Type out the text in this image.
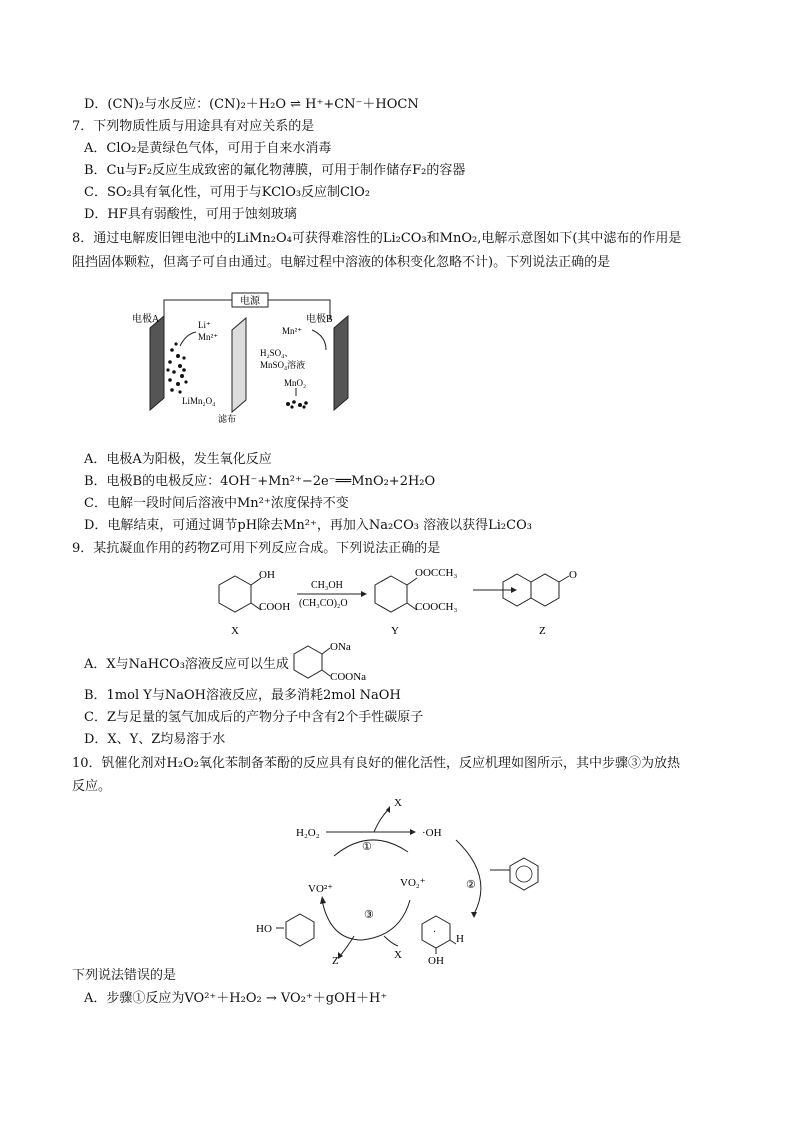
D．(CN)₂与水反应：(CN)₂＋H₂O ⇌ H⁺+CN⁻＋HOCN
7．下列物质性质与用途具有对应关系的是
A．ClO₂是黄绿色气体，可用于自来水消毒
B．Cu与F₂反应生成致密的氟化物薄膜，可用于制作储存F₂的容器
C．SO₂具有氧化性，可用于与KClO₃反应制ClO₂
D．HF具有弱酸性，可用于蚀刻玻璃
8．通过电解废旧锂电池中的LiMn₂O₄可获得难溶性的Li₂CO₃和MnO₂,电解示意图如下(其中滤布的作用是
阻挡固体颗粒，但离子可自由通过。电解过程中溶液的体积变化忽略不计)。下列说法正确的是
电源
电极A
滤布
电极B
Li⁺
Mn²⁺
LiMn₂O₄
Mn²⁺
H₂SO₄、
MnSO₄溶液
MnO₂
A．电极A为阳极，发生氧化反应
B．电极B的电极反应：4OH⁻+Mn²⁺−2e⁻══MnO₂+2H₂O
C．电解一段时间后溶液中Mn²⁺浓度保持不变
D．电解结束，可通过调节pH除去Mn²⁺，再加入Na₂CO₃ 溶液以获得Li₂CO₃
9．某抗凝血作用的药物Z可用下列反应合成。下列说法正确的是
OH
COOH
X
CH₃OH
(CH₃CO)₂O
OOCCH₃
COOCH₃
Y
O
Z
A．X与NaHCO₃溶液反应可以生成
ONa
COONa
B．1mol Y与NaOH溶液反应，最多消耗2mol NaOH
C．Z与足量的氢气加成后的产物分子中含有2个手性碳原子
D．X、Y、Z均易溶于水
10．钒催化剂对H₂O₂氧化苯制备苯酚的反应具有良好的催化活性，反应机理如图所示，其中步骤③为放热
反应。
H₂O₂	·OH
X
①
VO²⁺	VO₂⁺
③
②
HO
Z	X
·
H
OH
下列说法错误的是
A．步骤①反应为VO²⁺＋H₂O₂ → VO₂⁺＋gOH＋H⁺
